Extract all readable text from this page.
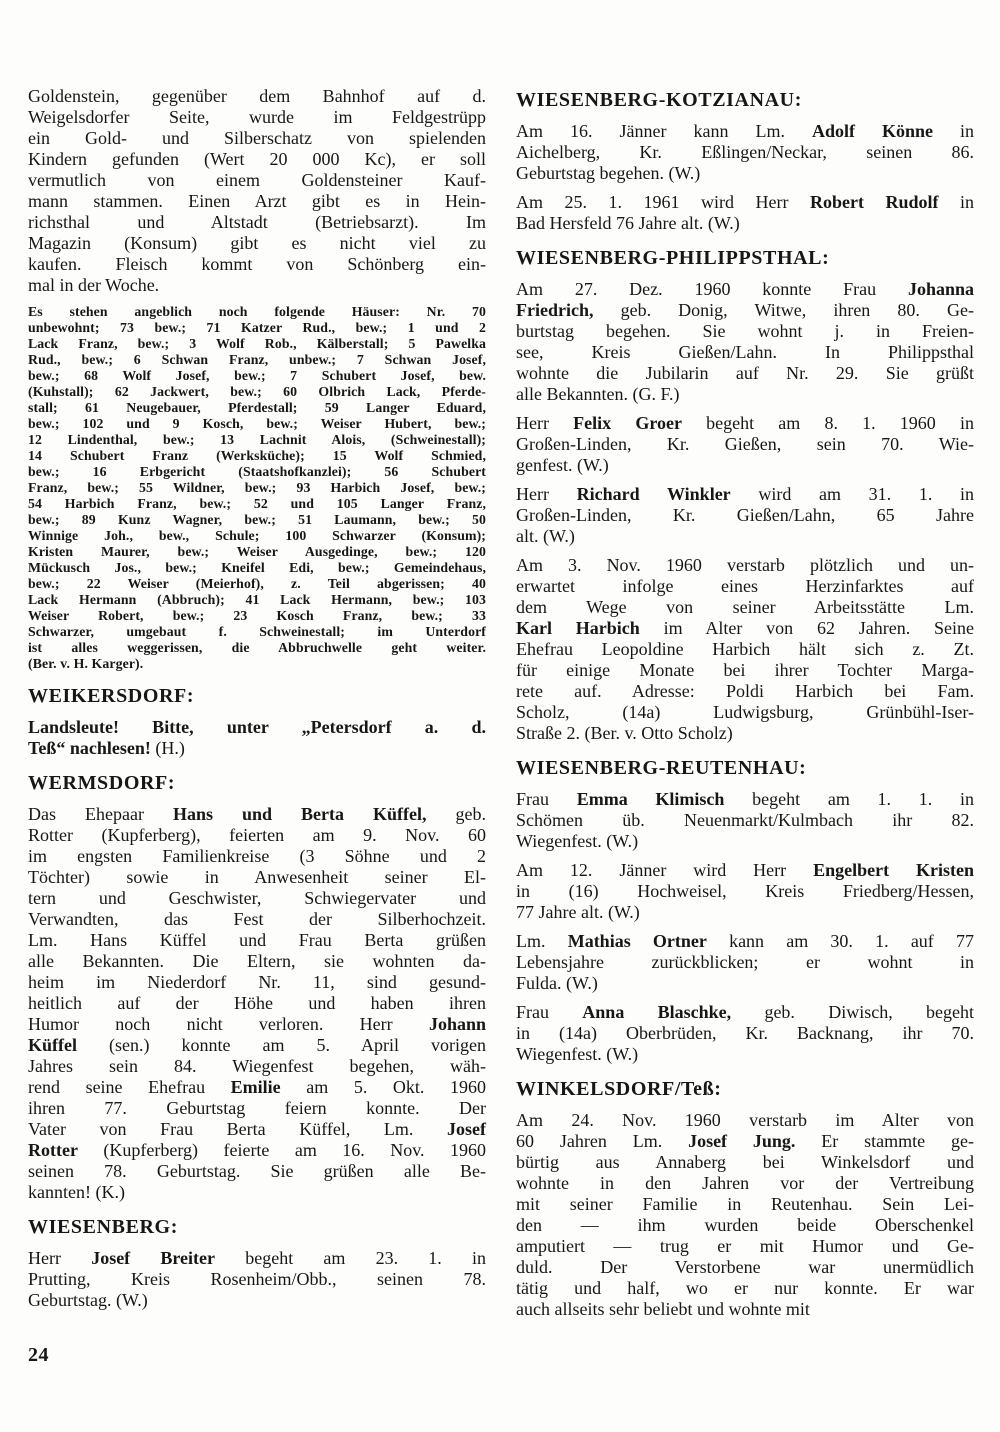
Goldenstein, gegenüber dem Bahnhof auf d.
Weigelsdorfer Seite, wurde im Feldgestrüpp
ein Gold- und Silberschatz von spielenden
Kindern gefunden (Wert 20 000 Kc), er soll
vermutlich von einem Goldensteiner Kauf-
mann stammen. Einen Arzt gibt es in Hein-
richsthal und Altstadt (Betriebsarzt). Im
Magazin (Konsum) gibt es nicht viel zu
kaufen. Fleisch kommt von Schönberg ein-
mal in der Woche.
Es stehen angeblich noch folgende Häuser: Nr. 70
unbewohnt; 73 bew.; 71 Katzer Rud., bew.; 1 und 2
Lack Franz, bew.; 3 Wolf Rob., Kälberstall; 5 Pawelka
Rud., bew.; 6 Schwan Franz, unbew.; 7 Schwan Josef,
bew.; 68 Wolf Josef, bew.; 7 Schubert Josef, bew.
(Kuhstall); 62 Jackwert, bew.; 60 Olbrich Lack, Pferde-
stall; 61 Neugebauer, Pferdestall; 59 Langer Eduard,
bew.; 102 und 9 Kosch, bew.; Weiser Hubert, bew.;
12 Lindenthal, bew.; 13 Lachnit Alois, (Schweinestall);
14 Schubert Franz (Werksküche); 15 Wolf Schmied,
bew.; 16 Erbgericht (Staatshofkanzlei); 56 Schubert
Franz, bew.; 55 Wildner, bew.; 93 Harbich Josef, bew.;
54 Harbich Franz, bew.; 52 und 105 Langer Franz,
bew.; 89 Kunz Wagner, bew.; 51 Laumann, bew.; 50
Winnige Joh., bew., Schule; 100 Schwarzer (Konsum);
Kristen Maurer, bew.; Weiser Ausgedinge, bew.; 120
Mückusch Jos., bew.; Kneifel Edi, bew.; Gemeindehaus,
bew.; 22 Weiser (Meierhof), z. Teil abgerissen; 40
Lack Hermann (Abbruch); 41 Lack Hermann, bew.; 103
Weiser Robert, bew.; 23 Kosch Franz, bew.; 33
Schwarzer, umgebaut f. Schweinestall; im Unterdorf
ist alles weggerissen, die Abbruchwelle geht weiter.
(Ber. v. H. Karger).
WEIKERSDORF:
Landsleute! Bitte, unter „Petersdorf a. d.
Teß“ nachlesen! (H.)
WERMSDORF:
Das Ehepaar Hans und Berta Küffel, geb.
Rotter (Kupferberg), feierten am 9. Nov. 60
im engsten Familienkreise (3 Söhne und 2
Töchter) sowie in Anwesenheit seiner El-
tern und Geschwister, Schwiegervater und
Verwandten, das Fest der Silberhochzeit.
Lm. Hans Küffel und Frau Berta grüßen
alle Bekannten. Die Eltern, sie wohnten da-
heim im Niederdorf Nr. 11, sind gesund-
heitlich auf der Höhe und haben ihren
Humor noch nicht verloren. Herr Johann
Küffel (sen.) konnte am 5. April vorigen
Jahres sein 84. Wiegenfest begehen, wäh-
rend seine Ehefrau Emilie am 5. Okt. 1960
ihren 77. Geburtstag feiern konnte. Der
Vater von Frau Berta Küffel, Lm. Josef
Rotter (Kupferberg) feierte am 16. Nov. 1960
seinen 78. Geburtstag. Sie grüßen alle Be-
kannten! (K.)
WIESENBERG:
Herr Josef Breiter begeht am 23. 1. in
Prutting, Kreis Rosenheim/Obb., seinen 78.
Geburtstag. (W.)
WIESENBERG-KOTZIANAU:
Am 16. Jänner kann Lm. Adolf Könne in
Aichelberg, Kr. Eßlingen/Neckar, seinen 86.
Geburtstag begehen. (W.)
Am 25. 1. 1961 wird Herr Robert Rudolf in
Bad Hersfeld 76 Jahre alt. (W.)
WIESENBERG-PHILIPPSTHAL:
Am 27. Dez. 1960 konnte Frau Johanna
Friedrich, geb. Donig, Witwe, ihren 80. Ge-
burtstag begehen. Sie wohnt j. in Freien-
see, Kreis Gießen/Lahn. In Philippsthal
wohnte die Jubilarin auf Nr. 29. Sie grüßt
alle Bekannten. (G. F.)
Herr Felix Groer begeht am 8. 1. 1960 in
Großen-Linden, Kr. Gießen, sein 70. Wie-
genfest. (W.)
Herr Richard Winkler wird am 31. 1. in
Großen-Linden, Kr. Gießen/Lahn, 65 Jahre
alt. (W.)
Am 3. Nov. 1960 verstarb plötzlich und un-
erwartet infolge eines Herzinfarktes auf
dem Wege von seiner Arbeitsstätte Lm.
Karl Harbich im Alter von 62 Jahren. Seine
Ehefrau Leopoldine Harbich hält sich z. Zt.
für einige Monate bei ihrer Tochter Marga-
rete auf. Adresse: Poldi Harbich bei Fam.
Scholz, (14a) Ludwigsburg, Grünbühl-Iser-
Straße 2. (Ber. v. Otto Scholz)
WIESENBERG-REUTENHAU:
Frau Emma Klimisch begeht am 1. 1. in
Schömen üb. Neuenmarkt/Kulmbach ihr 82.
Wiegenfest. (W.)
Am 12. Jänner wird Herr Engelbert Kristen
in (16) Hochweisel, Kreis Friedberg/Hessen,
77 Jahre alt. (W.)
Lm. Mathias Ortner kann am 30. 1. auf 77
Lebensjahre zurückblicken; er wohnt in
Fulda. (W.)
Frau Anna Blaschke, geb. Diwisch, begeht
in (14a) Oberbrüden, Kr. Backnang, ihr 70.
Wiegenfest. (W.)
WINKELSDORF/Teß:
Am 24. Nov. 1960 verstarb im Alter von
60 Jahren Lm. Josef Jung. Er stammte ge-
bürtig aus Annaberg bei Winkelsdorf und
wohnte in den Jahren vor der Vertreibung
mit seiner Familie in Reutenhau. Sein Lei-
den — ihm wurden beide Oberschenkel
amputiert — trug er mit Humor und Ge-
duld. Der Verstorbene war unermüdlich
tätig und half, wo er nur konnte. Er war
auch allseits sehr beliebt und wohnte mit
24
